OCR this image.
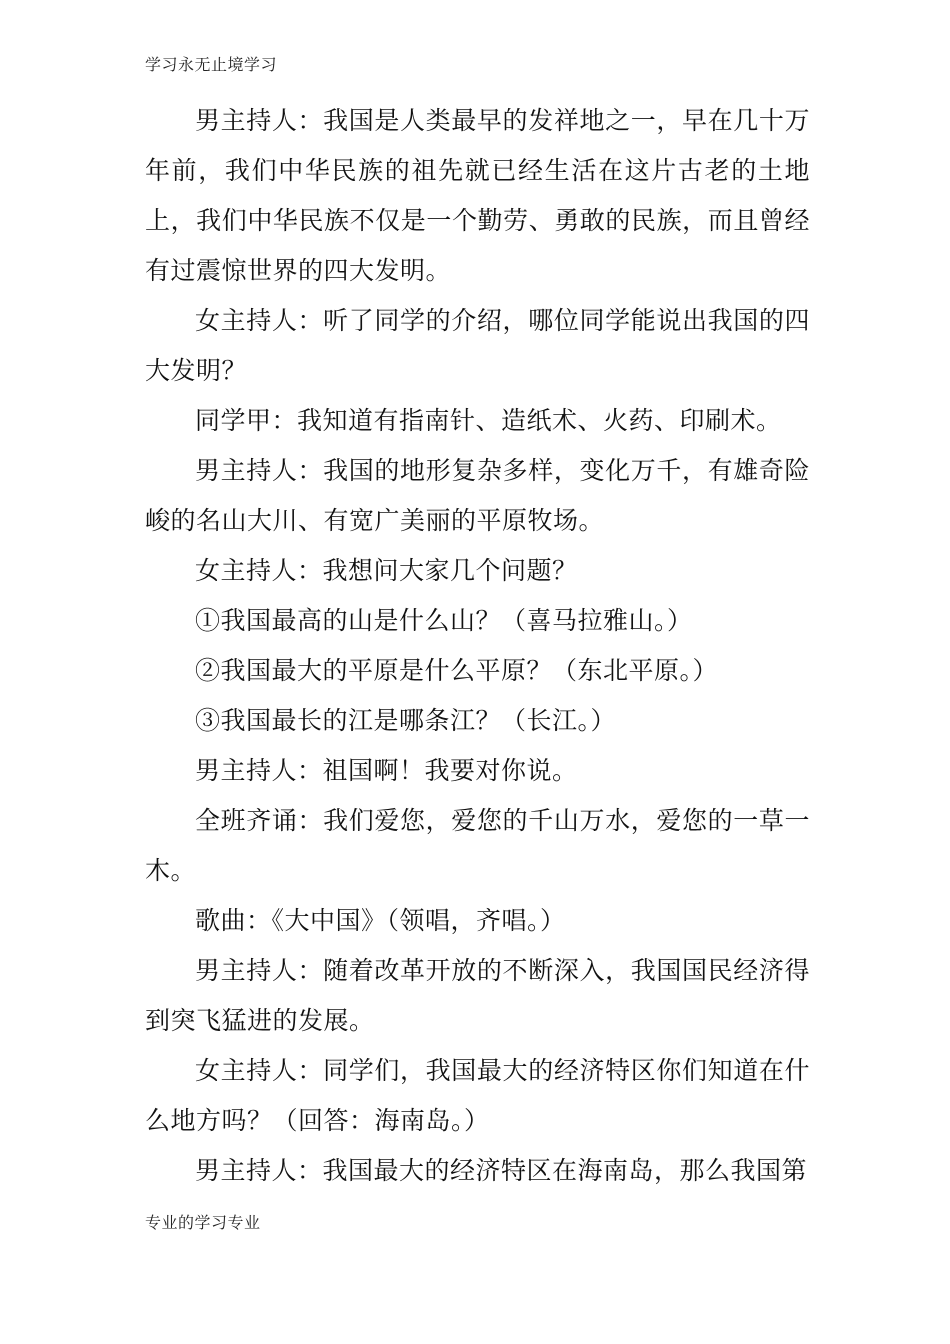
学习永无止境学习

男主持人：我国是人类最早的发祥地之一，早在几十万年前，我们中华民族的祖先就已经生活在这片古老的土地上，我们中华民族不仅是一个勤劳、勇敢的民族，而且曾经有过震惊世界的四大发明。

女主持人：听了同学的介绍，哪位同学能说出我国的四大发明？

同学甲：我知道有指南针、造纸术、火药、印刷术。

男主持人：我国的地形复杂多样，变化万千，有雄奇险峻的名山大川、有宽广美丽的平原牧场。

女主持人：我想问大家几个问题？

①我国最高的山是什么山？（喜马拉雅山。）

②我国最大的平原是什么平原？（东北平原。）

③我国最长的江是哪条江？（长江。）

男主持人：祖国啊！我要对你说。

全班齐诵：我们爱您，爱您的千山万水，爱您的一草一木。

歌曲：《大中国》（领唱，齐唱。）

男主持人：随着改革开放的不断深入，我国国民经济得到突飞猛进的发展。

女主持人：同学们，我国最大的经济特区你们知道在什么地方吗？（回答：海南岛。）

男主持人：我国最大的经济特区在海南岛，那么我国第

专业的学习专业
